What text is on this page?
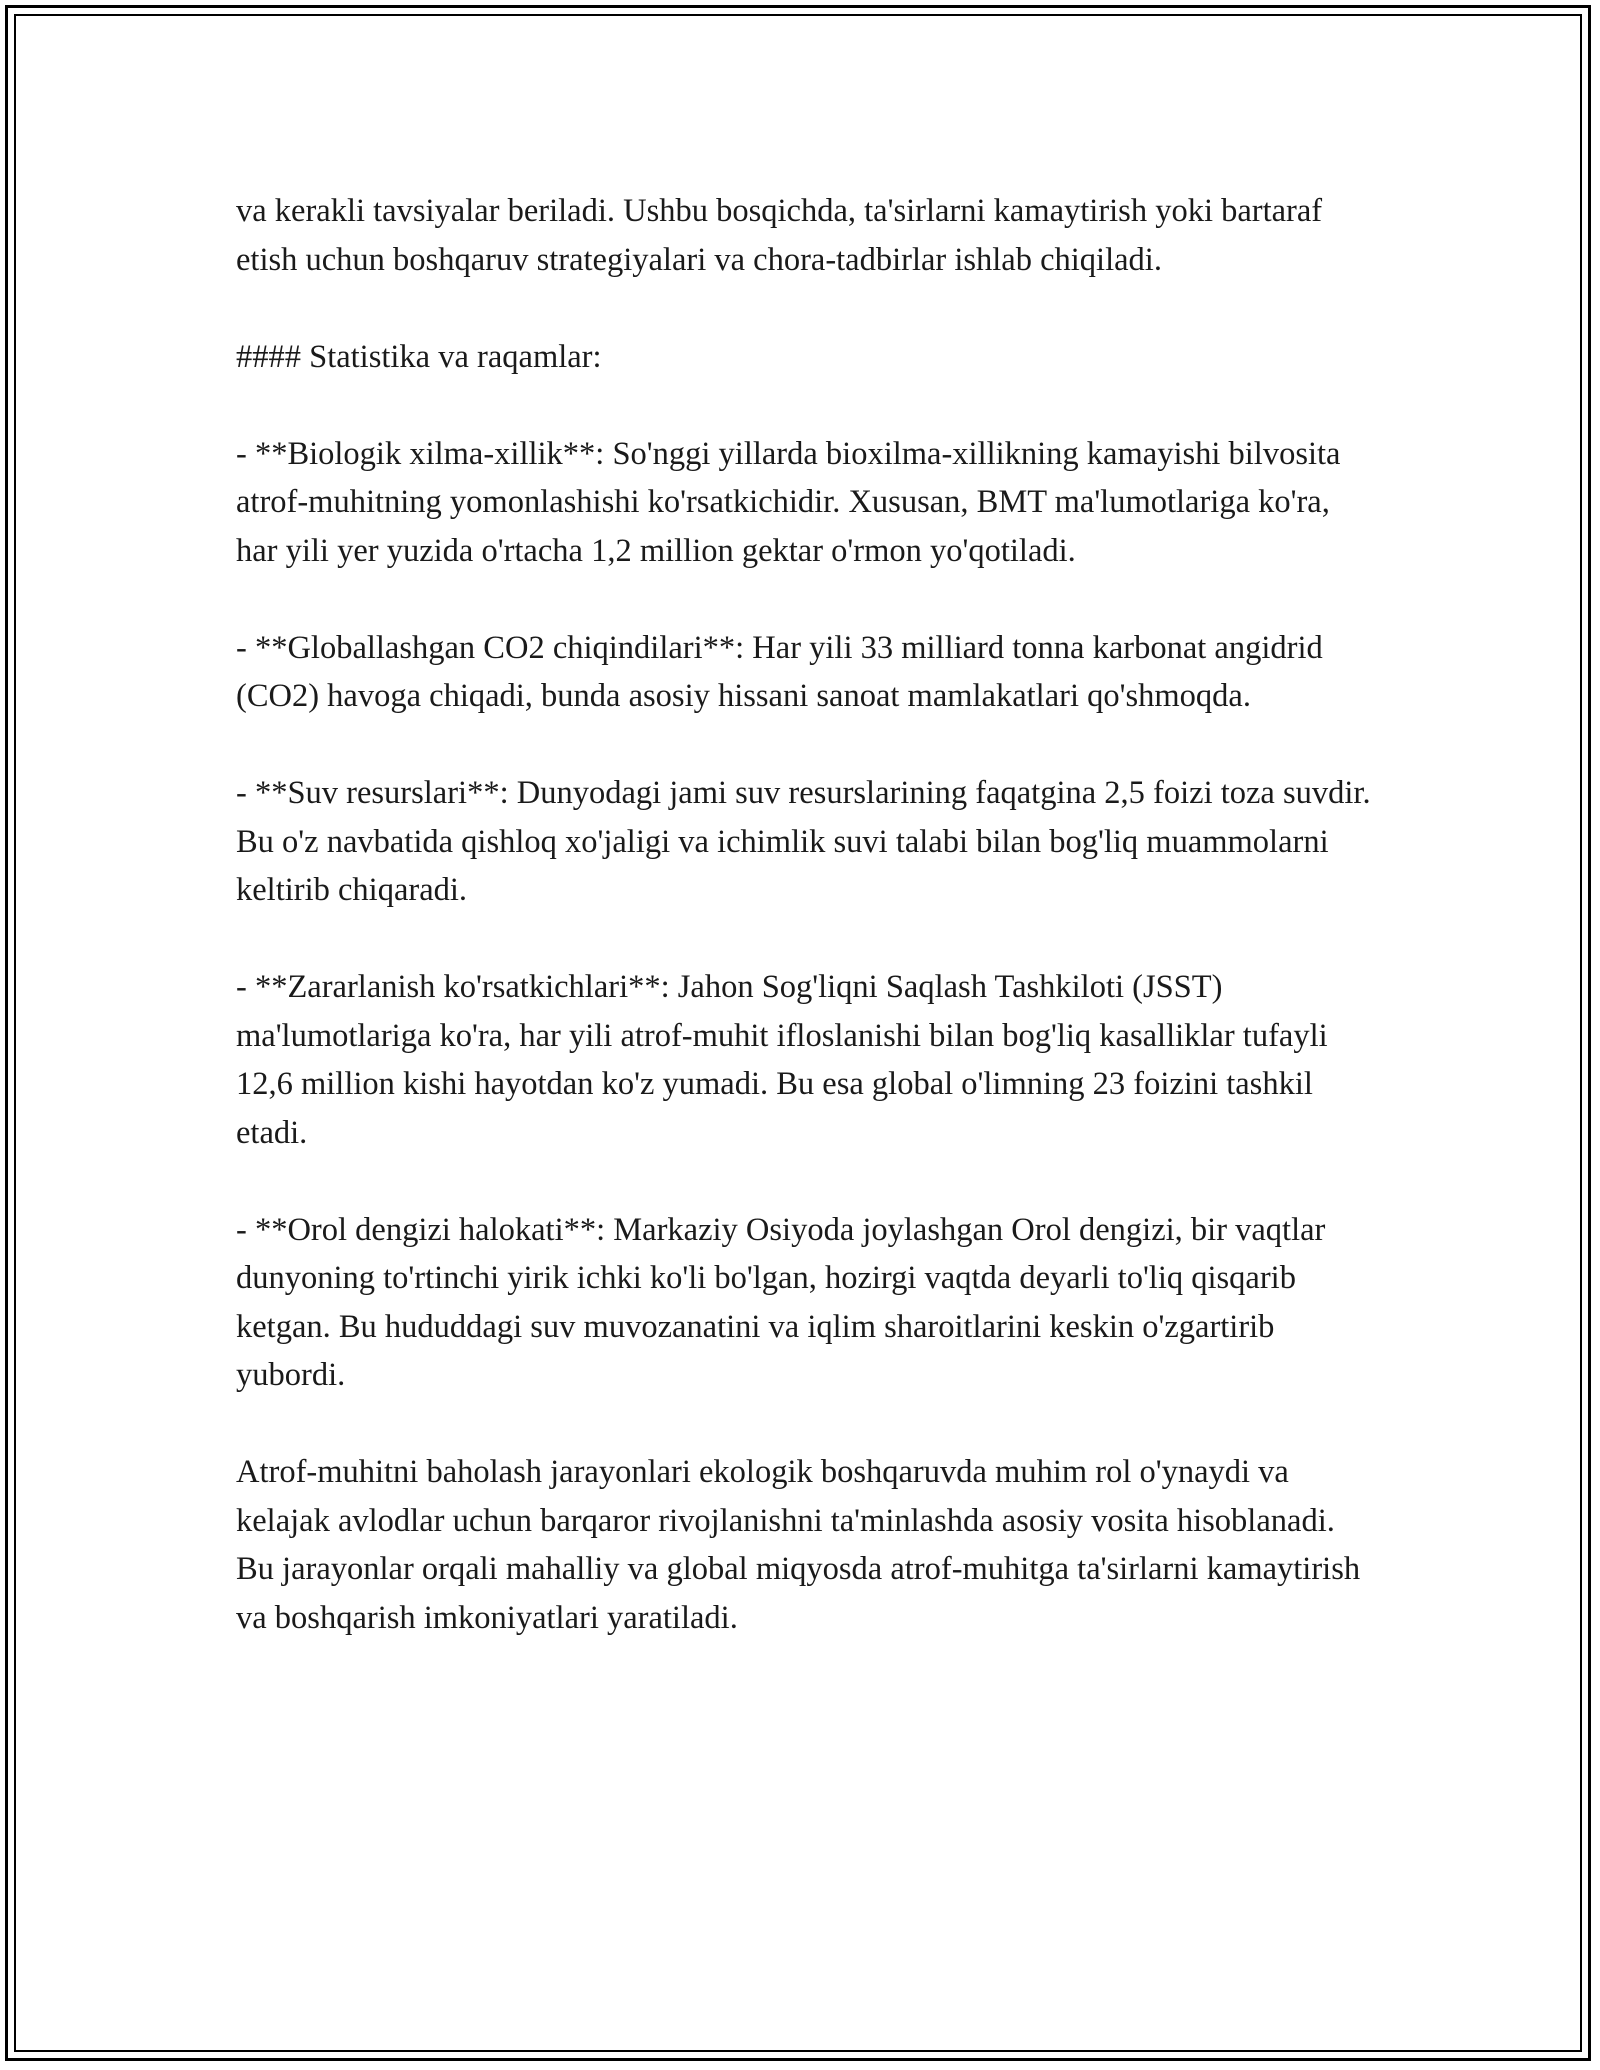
va kerakli tavsiyalar beriladi. Ushbu bosqichda, ta'sirlarni kamaytirish yoki bartaraf etish uchun boshqaruv strategiyalari va chora-tadbirlar ishlab chiqiladi.

#### Statistika va raqamlar:

- **Biologik xilma-xillik**: So'nggi yillarda bioxilma-xillikning kamayishi bilvosita atrof-muhitning yomonlashishi ko'rsatkichidir. Xususan, BMT ma'lumotlariga ko'ra, har yili yer yuzida o'rtacha 1,2 million gektar o'rmon yo'qotiladi.

- **Globallashgan CO2 chiqindilari**: Har yili 33 milliard tonna karbonat angidrid (CO2) havoga chiqadi, bunda asosiy hissani sanoat mamlakatlari qo'shmoqda.

- **Suv resurslari**: Dunyodagi jami suv resurslarining faqatgina 2,5 foizi toza suvdir. Bu o'z navbatida qishloq xo'jaligi va ichimlik suvi talabi bilan bog'liq muammolarni keltirib chiqaradi.

- **Zararlanish ko'rsatkichlari**: Jahon Sog'liqni Saqlash Tashkiloti (JSST) ma'lumotlariga ko'ra, har yili atrof-muhit ifloslanishi bilan bog'liq kasalliklar tufayli 12,6 million kishi hayotdan ko'z yumadi. Bu esa global o'limning 23 foizini tashkil etadi.

- **Orol dengizi halokati**: Markaziy Osiyoda joylashgan Orol dengizi, bir vaqtlar dunyoning to'rtinchi yirik ichki ko'li bo'lgan, hozirgi vaqtda deyarli to'liq qisqarib ketgan. Bu hududdagi suv muvozanatini va iqlim sharoitlarini keskin o'zgartirib yubordi.

Atrof-muhitni baholash jarayonlari ekologik boshqaruvda muhim rol o'ynaydi va kelajak avlodlar uchun barqaror rivojlanishni ta'minlashda asosiy vosita hisoblanadi. Bu jarayonlar orqali mahalliy va global miqyosda atrof-muhitga ta'sirlarni kamaytirish va boshqarish imkoniyatlari yaratiladi.
